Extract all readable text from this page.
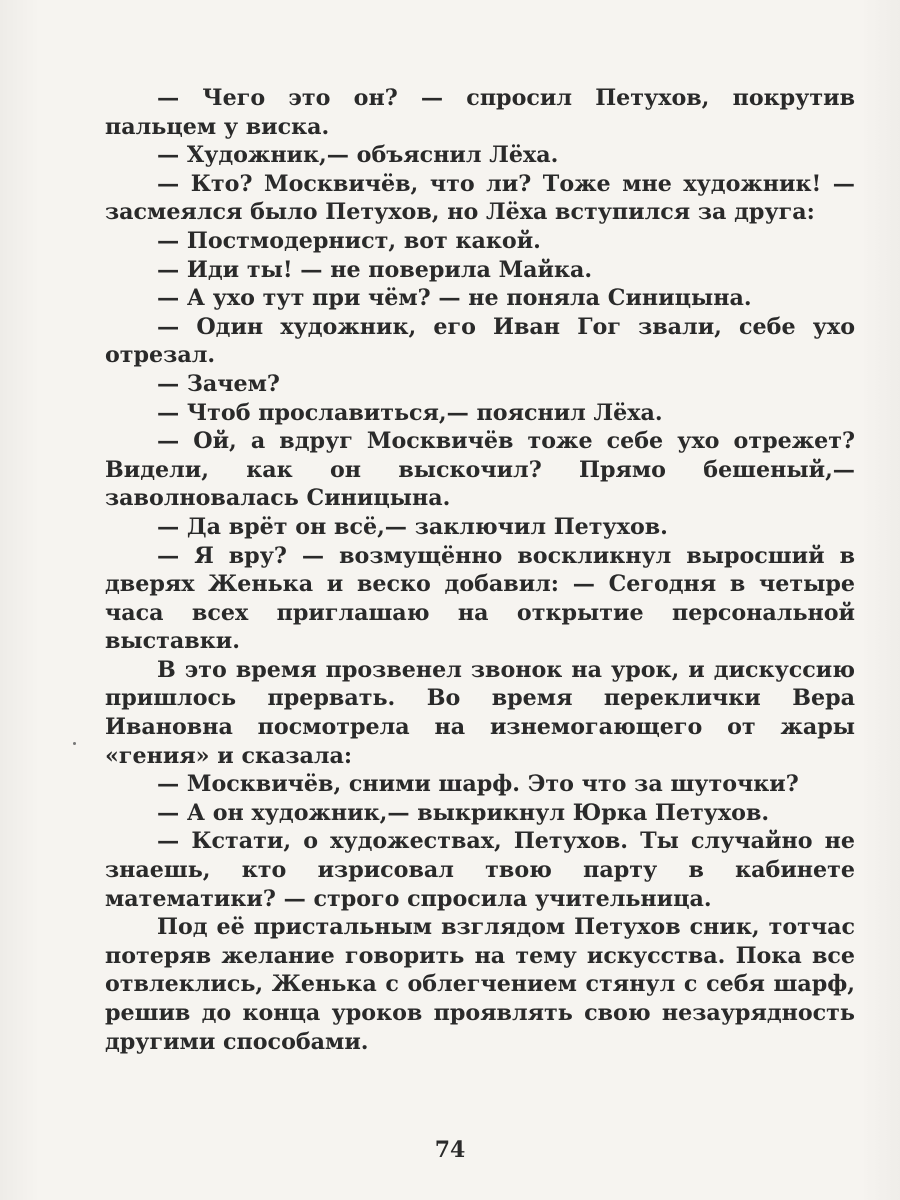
— Чего это он? — спросил Петухов, покрутив пальцем у виска.

— Художник,— объяснил Лёха.

— Кто? Москвичёв, что ли? Тоже мне художник! — засмеялся было Петухов, но Лёха вступился за друга:

— Постмодернист, вот какой.

— Иди ты! — не поверила Майка.

— А ухо тут при чём? — не поняла Синицына.

— Один художник, его Иван Гог звали, себе ухо отрезал.

— Зачем?

— Чтоб прославиться,— пояснил Лёха.

— Ой, а вдруг Москвичёв тоже себе ухо отрежет? Видели, как он выскочил? Прямо бешеный,— заволновалась Синицына.

— Да врёт он всё,— заключил Петухов.

— Я вру? — возмущённо воскликнул выросший в дверях Женька и веско добавил: — Сегодня в четыре часа всех приглашаю на открытие персональной выставки.

В это время прозвенел звонок на урок, и дискуссию пришлось прервать. Во время переклички Вера Ивановна посмотрела на изнемогающего от жары «гения» и сказала:

— Москвичёв, сними шарф. Это что за шуточки?

— А он художник,— выкрикнул Юрка Петухов.

— Кстати, о художествах, Петухов. Ты случайно не знаешь, кто изрисовал твою парту в кабинете математики? — строго спросила учительница.

Под её пристальным взглядом Петухов сник, тотчас потеряв желание говорить на тему искусства. Пока все отвлеклись, Женька с облегчением стянул с себя шарф, решив до конца уроков проявлять свою незаурядность другими способами.

74
